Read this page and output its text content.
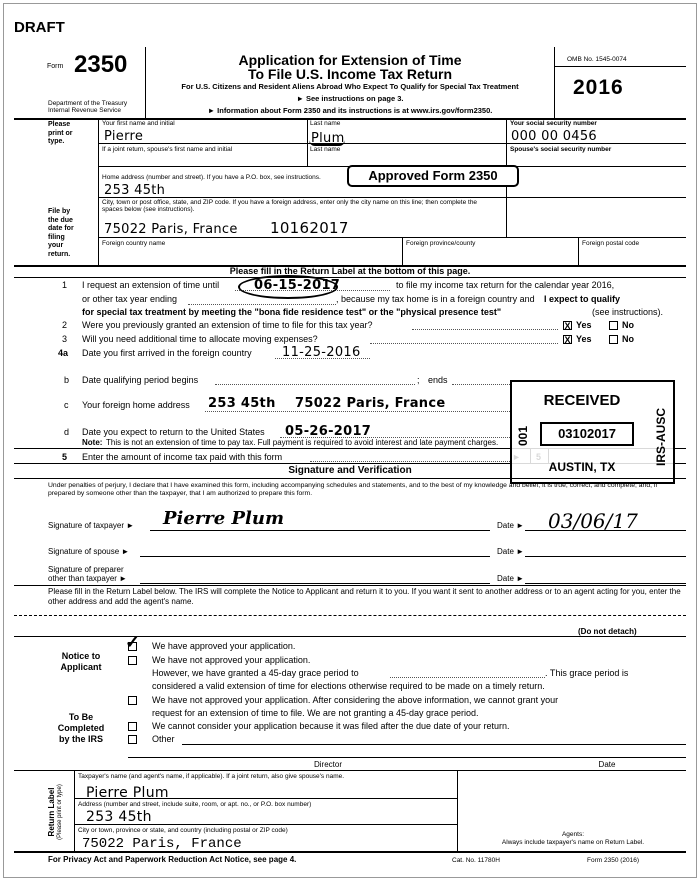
DRAFT
Form 2350
Department of the Treasury
Internal Revenue Service
Application for Extension of Time
To File U.S. Income Tax Return
For U.S. Citizens and Resident Aliens Abroad Who Expect To Qualify for Special Tax Treatment
► See instructions on page 3.
► Information about Form 2350 and its instructions is at www.irs.gov/form2350.
OMB No. 1545-0074
2016
Please print or type.
File by the due date for filing your return.
Your first name and initial
Pierre
Last name
Plum
Your social security number
000 00 0456
If a joint return, spouse's first name and initial	Last name	Spouse's social security number
Home address (number and street). If you have a P.O. box, see instructions.
253 45th
Approved Form 2350
City, town or post office, state, and ZIP code. If you have a foreign address, enter only the city name on this line; then complete the spaces below (see instructions).
75022 Paris, France 10162017
Foreign country name	Foreign province/county	Foreign postal code
Please fill in the Return Label at the bottom of this page.
1 I request an extension of time until	06-15-2017	to file my income tax return for the calendar year 2016,
or other tax year ending	, because my tax home is in a foreign country and I expect to qualify
for special tax treatment by meeting the "bona fide residence test" or the "physical presence test"	(see instructions).
2 Were you previously granted an extension of time to file for this tax year?	X Yes	No
3 Will you need additional time to allocate moving expenses?	X Yes	No
4a Date you first arrived in the foreign country 11-25-2016
b Date qualifying period begins	; ends
c Your foreign home address 253 45th 75022 Paris, France
d Date you expect to return to the United States 05-26-2017
Note: This is not an extension of time to pay tax. Full payment is required to avoid interest and late payment charges.
5 Enter the amount of income tax paid with this form
RECEIVED
03102017
AUSTIN, TX
IRS-AUSC
001
Signature and Verification
Under penalties of perjury, I declare that I have examined this form, including accompanying schedules and statements, and to the best of my knowledge and belief, it is true, correct, and complete; and, if prepared by someone other than the taxpayer, that I am authorized to prepare this form.
Signature of taxpayer ► Pierre Plum	Date ► 03/06/17
Signature of spouse ►	Date ►
Signature of preparer
other than taxpayer ►	Date ►
Please fill in the Return Label below. The IRS will complete the Notice to Applicant and return it to you. If you want it sent to another address or to an agent acting for you, enter the other address and add the agent's name.
(Do not detach)
Notice to
Applicant
To Be
Completed
by the IRS
✓ We have approved your application.
We have not approved your application.
However, we have granted a 45-day grace period to	. This grace period is
considered a valid extension of time for elections otherwise required to be made on a timely return.
We have not approved your application. After considering the above information, we cannot grant your
request for an extension of time to file. We are not granting a 45-day grace period.
We cannot consider your application because it was filed after the due date of your return.
Other
Director	Date
Return Label (Please print or type)
Taxpayer's name (and agent's name, if applicable). If a joint return, also give spouse's name.
Pierre Plum
Address (number and street, include suite, room, or apt. no., or P.O. box number)
253 45th
City or town, province or state, and country (including postal or ZIP code)
75022 Paris, France
Agents:
Always include taxpayer's name on Return Label.
For Privacy Act and Paperwork Reduction Act Notice, see page 4.	Cat. No. 11780H	Form 2350 (2016)
